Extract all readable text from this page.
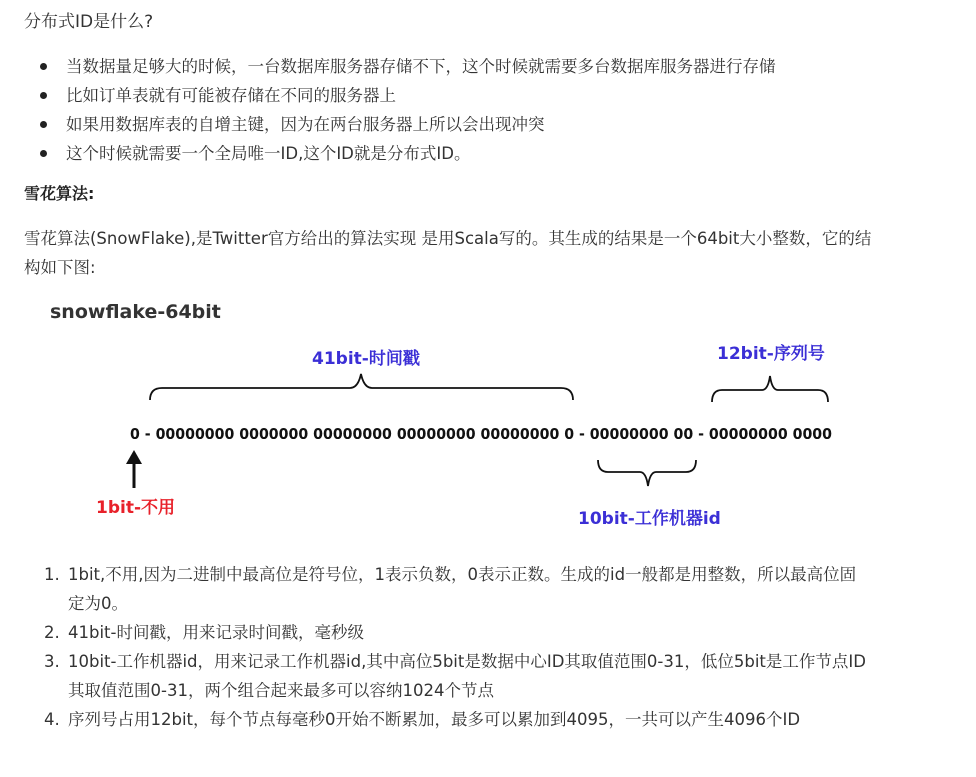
分布式ID是什么?
当数据量足够大的时候，一台数据库服务器存储不下，这个时候就需要多台数据库服务器进行存储
比如订单表就有可能被存储在不同的服务器上
如果用数据库表的自增主键，因为在两台服务器上所以会出现冲突
这个时候就需要一个全局唯一ID,这个ID就是分布式ID。
雪花算法:
雪花算法(SnowFlake),是Twitter官方给出的算法实现 是用Scala写的。其生成的结果是一个64bit大小整数，它的结构如下图:
snowflake-64bit
41bit-时间戳	12bit-序列号
0 - 00000000 0000000 00000000 00000000 00000000 0 - 00000000 00 - 00000000 0000
10bit-工作机器id
1bit-不用
1. 1bit,不用,因为二进制中最高位是符号位，1表示负数，0表示正数。生成的id一般都是用整数，所以最高位固定为0。
2. 41bit-时间戳，用来记录时间戳，毫秒级
3. 10bit-工作机器id，用来记录工作机器id,其中高位5bit是数据中心ID其取值范围0-31，低位5bit是工作节点ID其取值范围0-31，两个组合起来最多可以容纳1024个节点
4. 序列号占用12bit，每个节点每毫秒0开始不断累加，最多可以累加到4095，一共可以产生4096个ID
